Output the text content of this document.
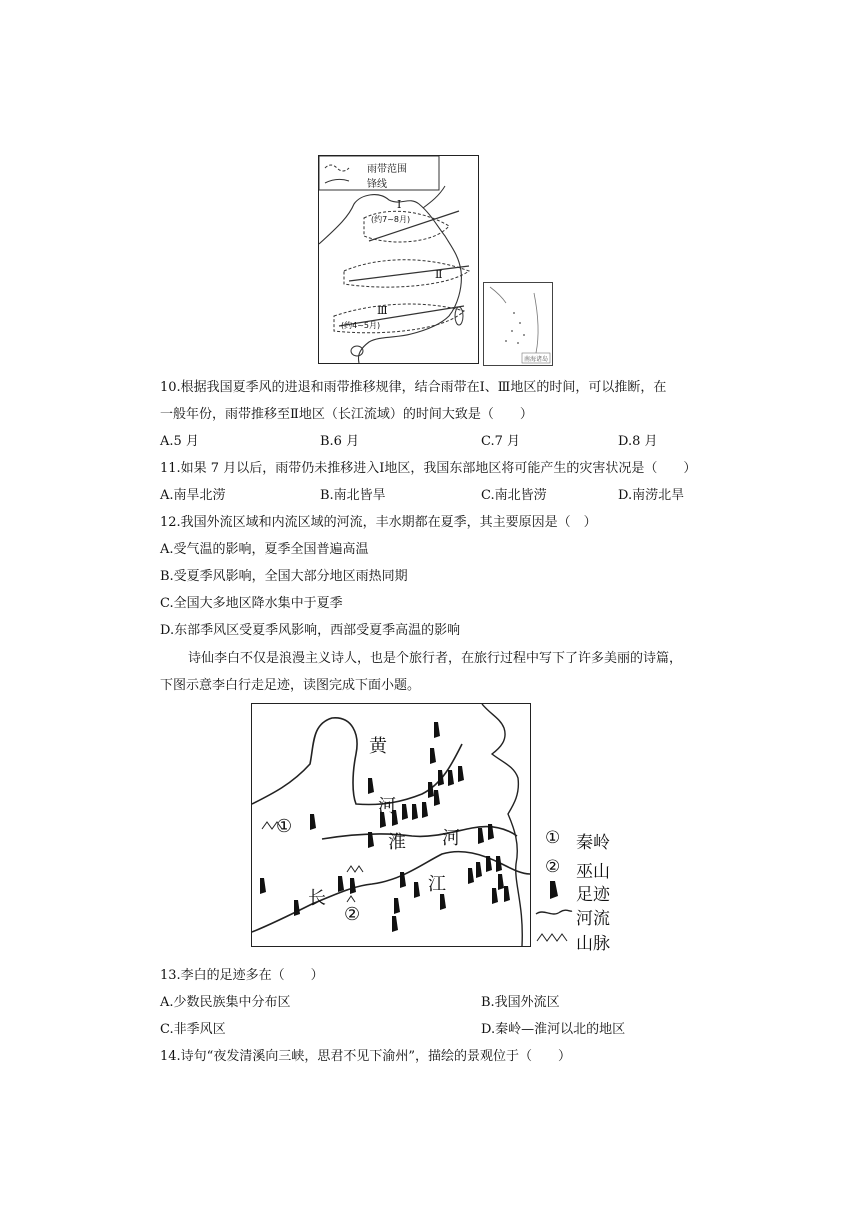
雨带范围
锋线
Ⅰ
(约7~8月)
Ⅱ
Ⅲ
(约4~5月)
南海诸岛
10.根据我国夏季风的进退和雨带推移规律，结合雨带在Ⅰ、Ⅲ地区的时间，可以推断，在
一般年份，雨带推移至Ⅱ地区（长江流域）的时间大致是（　　）
A.5 月	B.6 月	C.7 月	D.8 月
11.如果 7 月以后，雨带仍未推移进入Ⅰ地区，我国东部地区将可能产生的灾害状况是（　　）
A.南旱北涝	B.南北皆旱	C.南北皆涝	D.南涝北旱
12.我国外流区域和内流区域的河流，丰水期都在夏季，其主要原因是（　）
A.受气温的影响，夏季全国普遍高温
B.受夏季风影响，全国大部分地区雨热同期
C.全国大多地区降水集中于夏季
D.东部季风区受夏季风影响，西部受夏季高温的影响
诗仙李白不仅是浪漫主义诗人，也是个旅行者，在旅行过程中写下了许多美丽的诗篇，
下图示意李白行走足迹，读图完成下面小题。
黄
河
淮 河
长
江
①
②
① 秦岭
② 巫山
足迹
河流
山脉
13.李白的足迹多在（　　）
A.少数民族集中分布区	B.我国外流区
C.非季风区	D.秦岭—淮河以北的地区
14.诗句“夜发清溪向三峡，思君不见下渝州”，描绘的景观位于（　　）
